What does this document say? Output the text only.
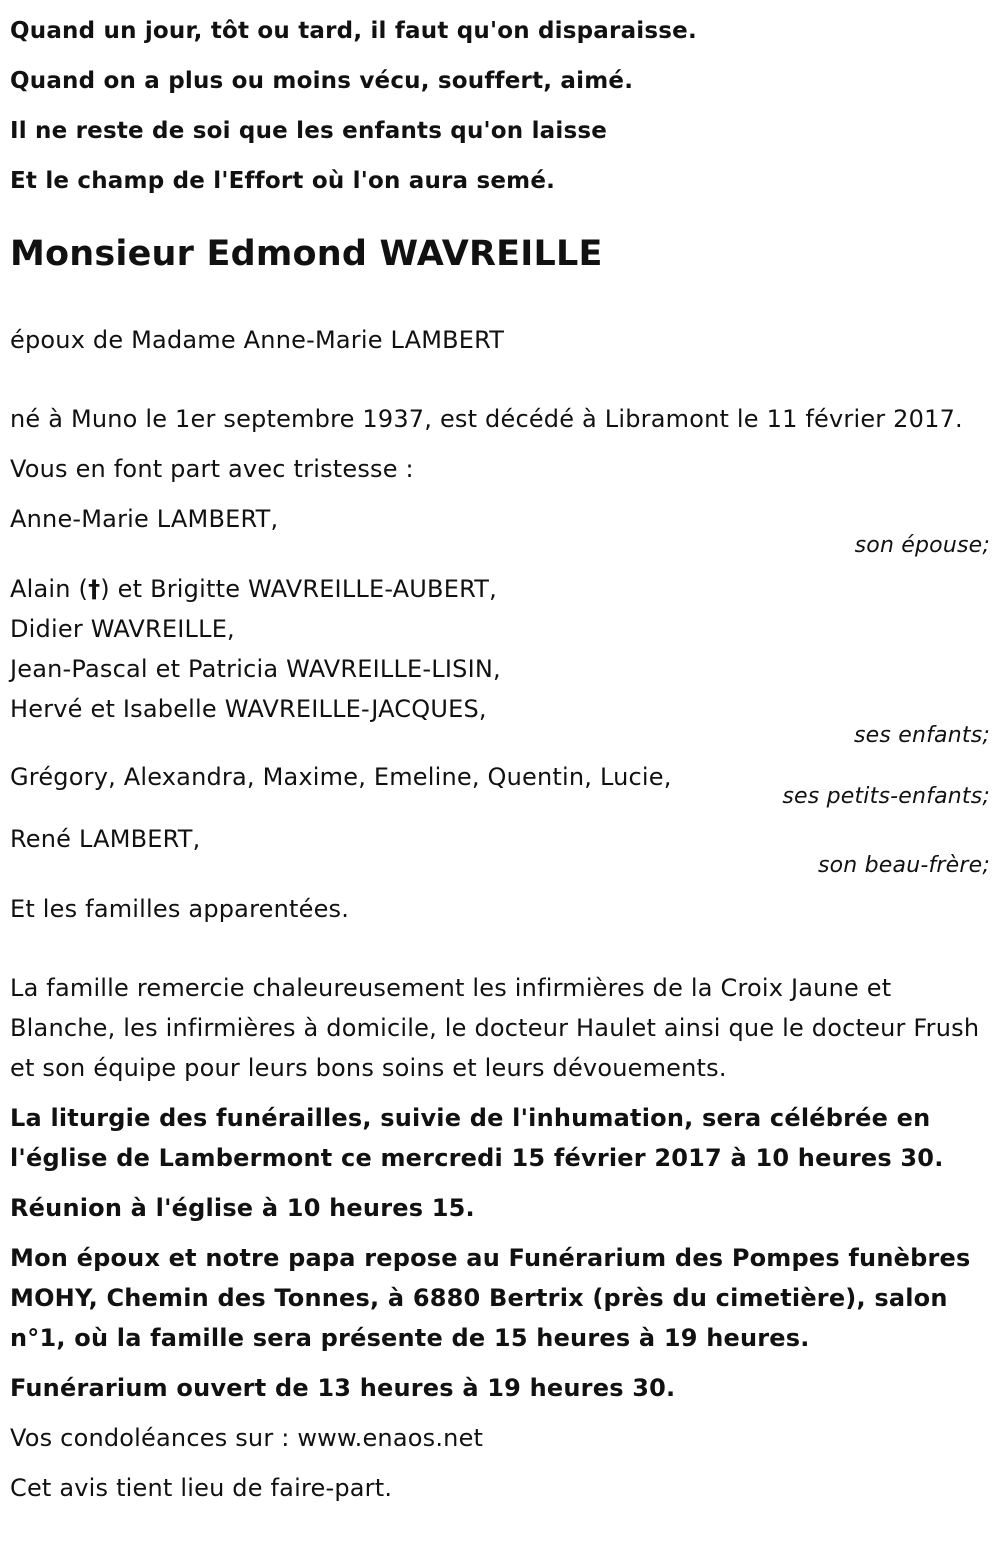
Quand un jour, tôt ou tard, il faut qu'on disparaisse.
Quand on a plus ou moins vécu, souffert, aimé.
Il ne reste de soi que les enfants qu'on laisse
Et le champ de l'Effort où l'on aura semé.
Monsieur Edmond WAVREILLE

époux de Madame Anne-Marie LAMBERT

né à Muno le 1er septembre 1937, est décédé à Libramont le 11 février 2017.

Vous en font part avec tristesse :

Anne-Marie LAMBERT,

son épouse;

Alain (†) et Brigitte WAVREILLE-AUBERT,

Didier WAVREILLE,

Jean-Pascal et Patricia WAVREILLE-LISIN,

Hervé et Isabelle WAVREILLE-JACQUES,

ses enfants;

Grégory, Alexandra, Maxime, Emeline, Quentin, Lucie,
ses petits-enfants;

René LAMBERT,

son beau-frère;

Et les familles apparentées.

La famille remercie chaleureusement les infirmières de la Croix Jaune et Blanche, les infirmières à domicile, le docteur Haulet ainsi que le docteur Frush et son équipe pour leurs bons soins et leurs dévouements.

La liturgie des funérailles, suivie de l'inhumation, sera célébrée en l'église de Lambermont ce mercredi 15 février 2017 à 10 heures 30.

Réunion à l'église à 10 heures 15.

Mon époux et notre papa repose au Funérarium des Pompes funèbres MOHY, Chemin des Tonnes, à 6880 Bertrix (près du cimetière), salon n°1, où la famille sera présente de 15 heures à 19 heures.

Funérarium ouvert de 13 heures à 19 heures 30.

Vos condoléances sur : www.enaos.net

Cet avis tient lieu de faire-part.
